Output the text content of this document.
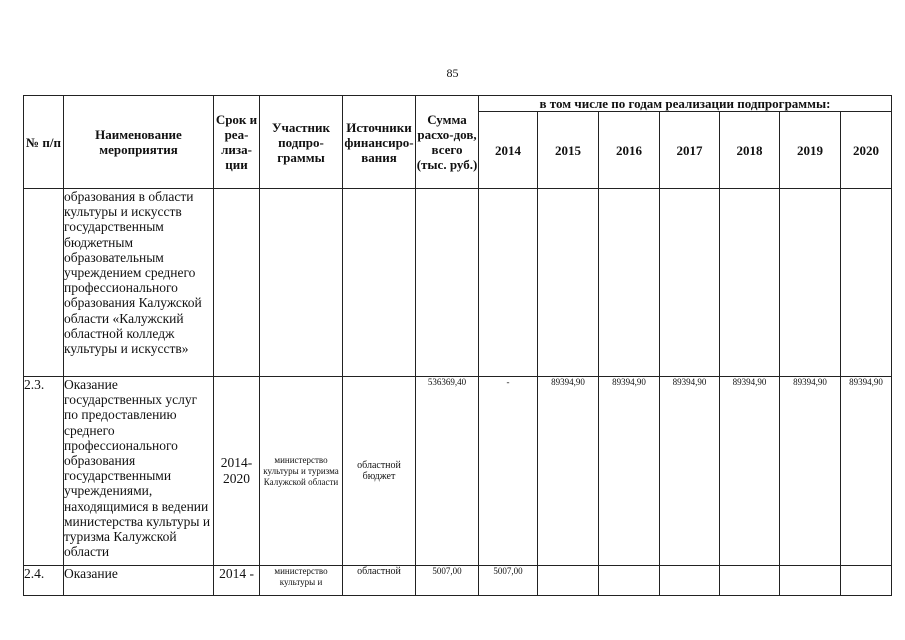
85
№ п/п	Наименование мероприятия	Срок и реа-лиза-ции	Участник подпро-граммы	Источники финансиро-вания	Сумма расхо-дов, всего (тыс. руб.)	в том числе по годам реализации подпрограммы:						
						2014	2015	2016	2017	2018	2019	2020
	образования в области культуры и искусств государственным бюджетным образовательным учреждением среднего профессионального образования Калужской области «Калужский областной колледж культуры и искусств»											
2.3.	Оказание государственных услуг по предоставлению среднего профессионального образования государственными учреждениями, находящимися в ведении министерства культуры и туризма Калужской области	2014-2020	министерство культуры и туризма Калужской области	областной бюджет	536369,40	-	89394,90	89394,90	89394,90	89394,90	89394,90	89394,90
2.4.	Оказание	2014 -	министерство культуры и	областной	5007,00	5007,00						
